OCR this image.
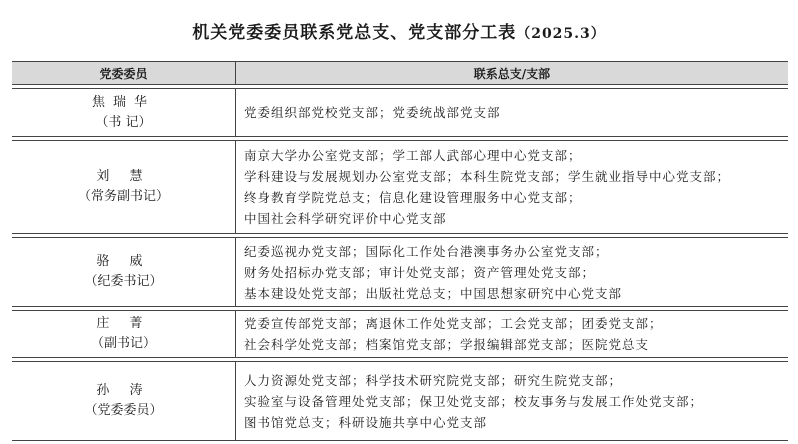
机关党委委员联系党总支、党支部分工表（2025.3）
党委委员	联系总支/支部

焦瑞华
（书 记）	党委组织部党校党支部；党委统战部党支部

刘 慧
（常务副书记）	南京大学办公室党支部；学工部人武部心理中心党支部；
学科建设与发展规划办公室党支部；本科生院党支部；学生就业指导中心党支部；
终身教育学院党总支；信息化建设管理服务中心党支部；
中国社会科学研究评价中心党支部

骆 威
（纪委书记）	纪委巡视办党支部；国际化工作处台港澳事务办公室党支部；
财务处招标办党支部；审计处党支部；资产管理处党支部；
基本建设处党支部；出版社党总支；中国思想家研究中心党支部

庄 菁
（副书记）	党委宣传部党支部；离退休工作处党支部；工会党支部；团委党支部；
社会科学处党支部；档案馆党支部；学报编辑部党支部；医院党总支

孙 涛
（党委委员）	人力资源处党支部；科学技术研究院党支部；研究生院党支部；
实验室与设备管理处党支部；保卫处党支部；校友事务与发展工作处党支部；
图书馆党总支；科研设施共享中心党支部
